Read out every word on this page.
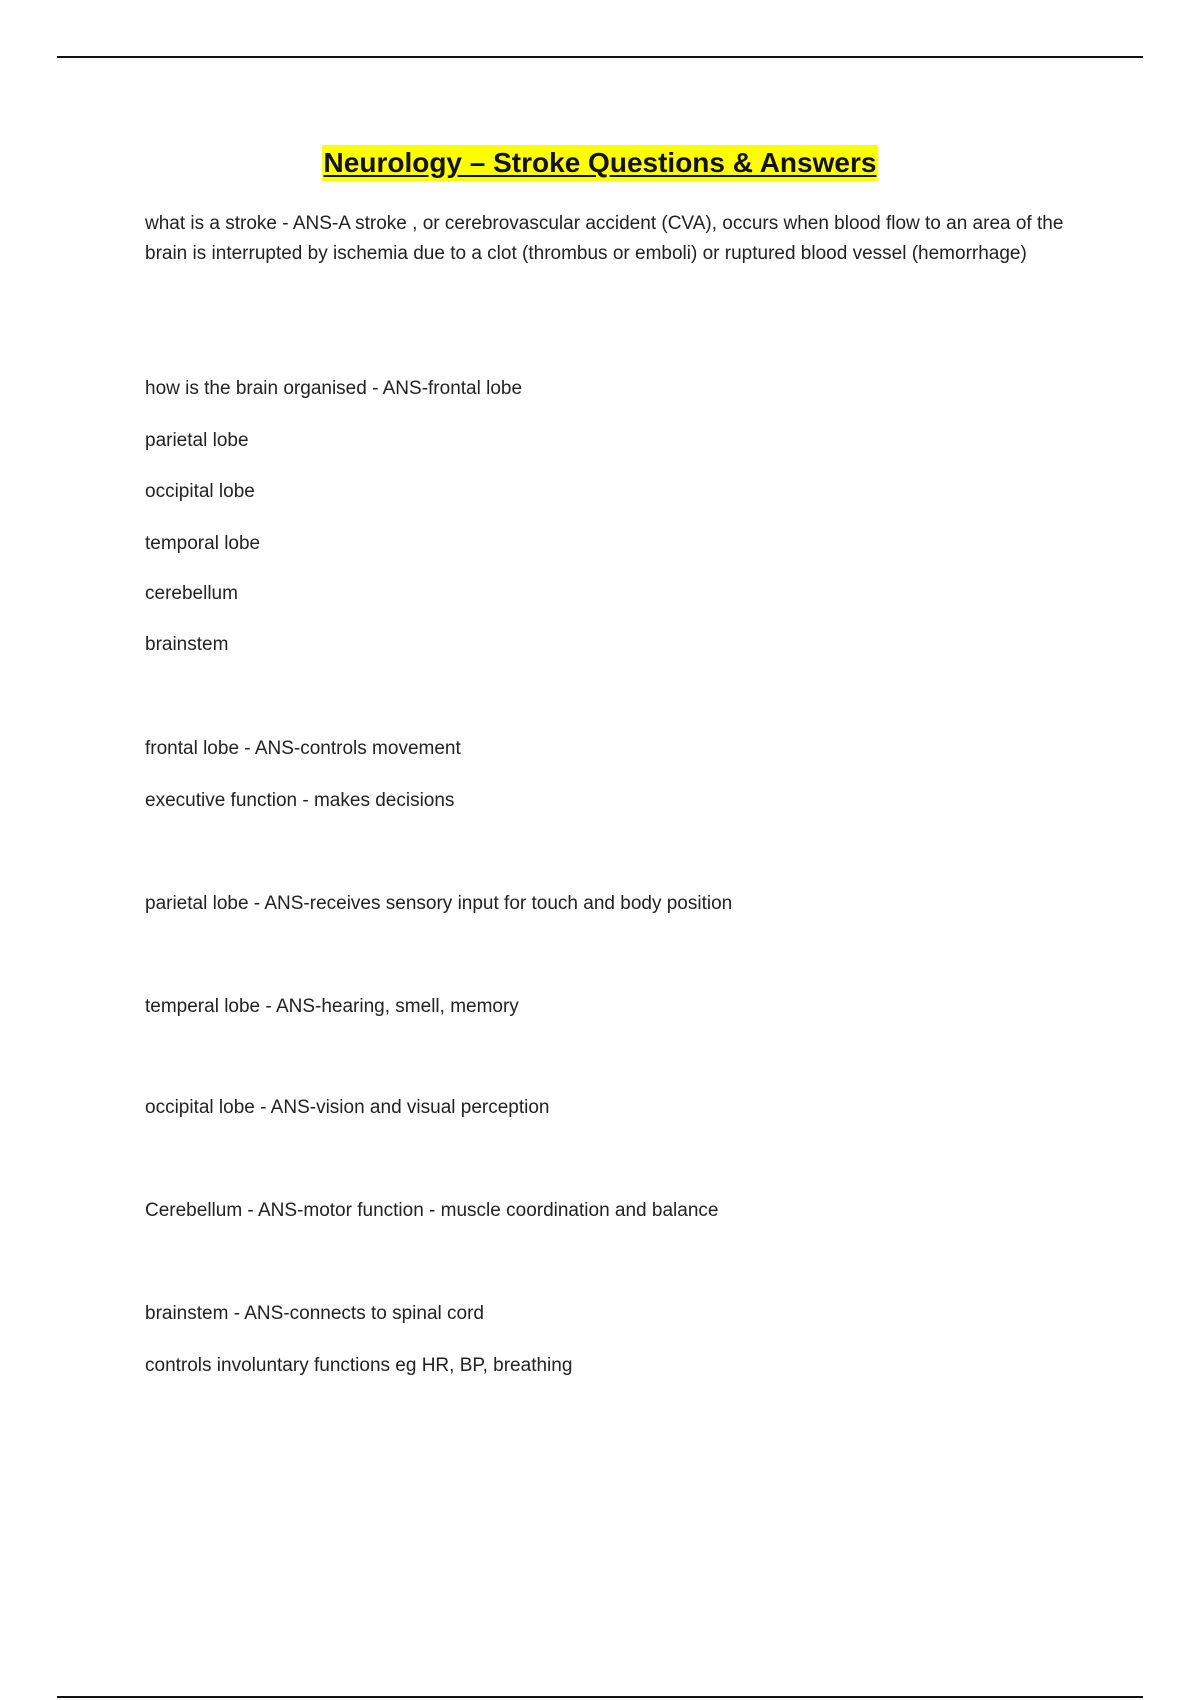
Neurology – Stroke Questions & Answers

what is a stroke - ANS-A stroke , or cerebrovascular accident (CVA), occurs when blood flow to an area of the brain is interrupted by ischemia due to a clot (thrombus or emboli) or ruptured blood vessel (hemorrhage)

how is the brain organised - ANS-frontal lobe

parietal lobe

occipital lobe

temporal lobe

cerebellum

brainstem

frontal lobe - ANS-controls movement

executive function - makes decisions

parietal lobe - ANS-receives sensory input for touch and body position

temperal lobe - ANS-hearing, smell, memory

occipital lobe - ANS-vision and visual perception

Cerebellum - ANS-motor function - muscle coordination and balance

brainstem - ANS-connects to spinal cord

controls involuntary functions eg HR, BP, breathing
